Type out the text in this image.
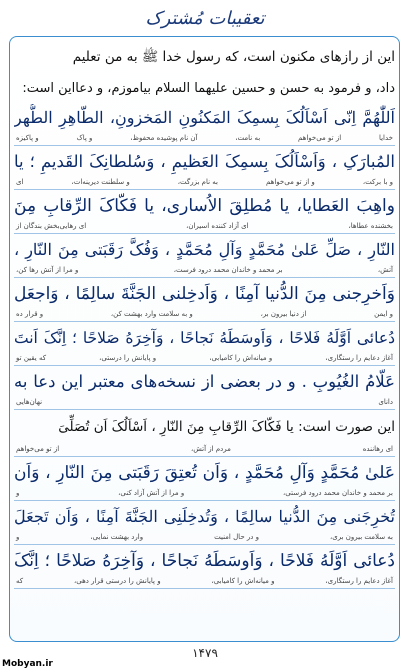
تعقیبات مُشترک
این از رازهای مکنون است، که رسول خدا ﷺ به من تعلیم
داد، و فرمود به حسن و حسین علیهما السلام بیاموزم، و دعااین است:
اَللّٰهُمَّ اِنّی اَسْاَلُکَ بِسمِکَ المَکنُونِ المَخزونِ، الطّاهِرِ الطُّهر
خدایا
از تو می‌خواهم
به نامت،
آن نام پوشیده محفوظ،
و پاک
و پاکیزه
المُبارَکِ ، وَاَسْاَلُکَ بِسمِکَ العَظیمِ ، وَسُلطانِکَ القَدیمِ ؛ یا
و با برکت،
و از تو می‌خواهم
به نام بزرگت،
و سلطنت دیرینه‌ات،
ای
واهِبَ العَطایا، یا مُطلِقَ الاُساری، یا فَکّاکَ الرِّقابِ مِنَ
بخشنده عطاها،
ای آزاد کننده اسیران،
ای رهایی‌بخش بندگان از
النّارِ ، صَلِّ عَلیٰ مُحَمَّدٍ وَآلِ مُحَمَّدٍ ، وَفُکَّ رَقَبَتی مِنَ النّارِ ،
آتش،
بر محمد و خاندان محمد درود فرست،
و مرا از آتش رها کن،
وَاَخرِجنی مِنَ الدُّنیا آمِنًا ، وَاَدخِلنی الجَنَّةَ سالِمًا ، وَاجعَل
و ایمن
از دنیا بیرون بر،
و به سلامت وارد بهشت کن،
و قرار ده
دُعائی اَوَّلَهُ فَلاحًا ، وَاَوسَطَهُ نَجاحًا ، وَآخِرَهُ صَلاحًا ؛ اِنَّکَ اَنتَ
آغاز دعایم را رستگاری،
و میانه‌اش را کامیابی،
و پایانش را درستی،
که یقین تو
عَلّامُ الغُیُوبِ . و در بعضی از نسخه‌های معتبر این دعا به
دانای
نهان‌هایی
این صورت است: یا فَکّاکَ الرِّقابِ مِنَ النّارِ ، اَسْاَلُکَ اَن تُصَلِّیَ
ای رهاننده
مردم از آتش،
از تو می‌خواهم
عَلیٰ مُحَمَّدٍ وَآلِ مُحَمَّدٍ ، وَاَن تُعتِقَ رَقَبَتی مِنَ النّارِ ، وَاَن
بر محمد و خاندان محمد درود فرستی،
و مرا از آتش آزاد کنی،
و
تُخرِجَنی مِنَ الدُّنیا سالِمًا ، وَتُدخِلَنِی الجَنَّةَ آمِنًا ، وَاَن تَجعَلَ
به سلامت بیرون بری،
و در حال امنیت
وارد بهشت نمایی،
و
دُعائی اَوَّلَهُ فَلاحًا ، وَاَوسَطَهُ نَجاحًا ، وَآخِرَهُ صَلاحًا ؛ اِنَّکَ
آغاز دعایم را رستگاری،
و میانه‌اش را کامیابی،
و پایانش را درستی قرار دهی،
که
۱۴۷۹
Mobyan.ir
